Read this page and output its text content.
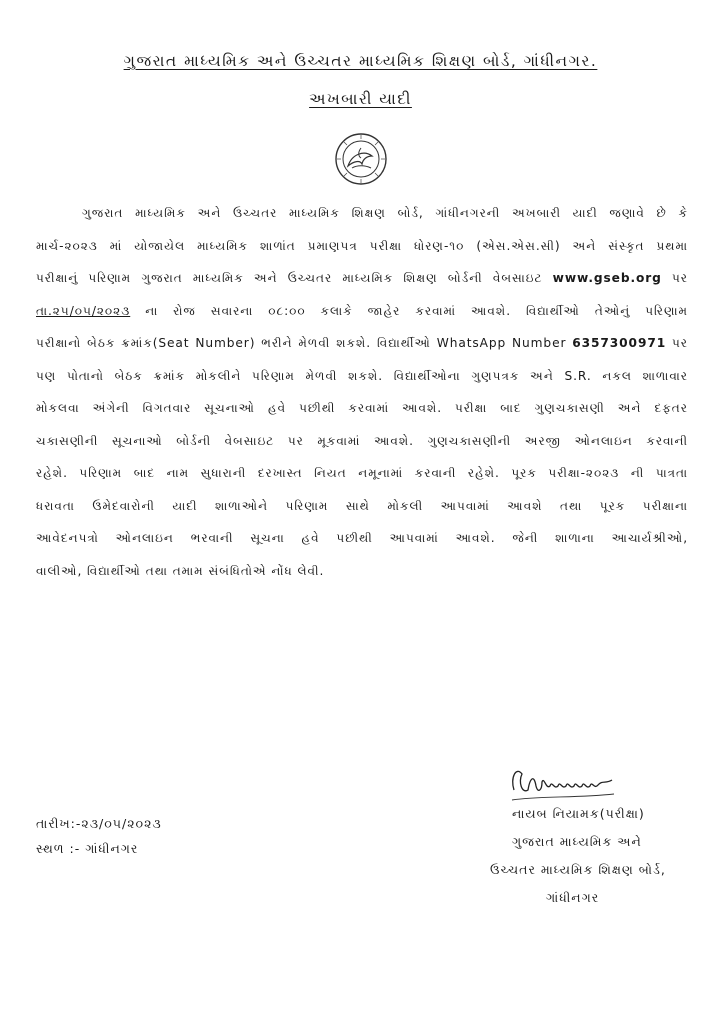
ગુજરાત માધ્યમિક અને ઉચ્ચતર માધ્યમિક શિક્ષણ બોર્ડ, ગાંધીનગર.
અખબારી યાદી
ગુજરાત માધ્યમિક અને ઉચ્ચતર માધ્યમિક શિક્ષણ બોર્ડ, ગાંધીનગરની અખબારી યાદી જણાવે છે કે
માર્ચ-૨૦૨૩ માં યોજાયેલ માધ્યમિક શાળાંત પ્રમાણપત્ર પરીક્ષા ધોરણ-૧૦ (એસ.એસ.સી) અને સંસ્કૃત પ્રથમા
પરીક્ષાનું પરિણામ ગુજરાત માધ્યમિક અને ઉચ્ચતર માધ્યમિક શિક્ષણ બોર્ડની વેબસાઇટ www.gseb.org પર
તા.૨૫/૦૫/૨૦૨૩ ના રોજ સવારના ૦૮:૦૦ કલાકે જાહેર કરવામાં આવશે. વિદ્યાર્થીઓ તેઓનું પરિણામ
પરીક્ષાનો બેઠક ક્રમાંક(Seat Number) ભરીને મેળવી શકશે. વિદ્યાર્થીઓ WhatsApp Number 6357300971 પર
પણ પોતાનો બેઠક ક્રમાંક મોકલીને પરિણામ મેળવી શકશે. વિદ્યાર્થીઓના ગુણપત્રક અને S.R. નકલ શાળાવાર
મોકલવા અંગેની વિગતવાર સૂચનાઓ હવે પછીથી કરવામાં આવશે. પરીક્ષા બાદ ગુણચકાસણી અને દફતર
ચકાસણીની સૂચનાઓ બોર્ડની વેબસાઇટ પર મૂકવામાં આવશે. ગુણચકાસણીની અરજી ઓનલાઇન કરવાની
રહેશે. પરિણામ બાદ નામ સુધારાની દરખાસ્ત નિયત નમૂનામાં કરવાની રહેશે. પૂરક પરીક્ષા-૨૦૨૩ ની પાત્રતા
ધરાવતા ઉમેદવારોની યાદી શાળાઓને પરિણામ સાથે મોકલી આપવામાં આવશે તથા પૂરક પરીક્ષાના
આવેદનપત્રો ઓનલાઇન ભરવાની સૂચના હવે પછીથી આપવામાં આવશે. જેની શાળાના આચાર્યશ્રીઓ,
વાલીઓ, વિદ્યાર્થીઓ તથા તમામ સંબંધિતોએ નોંધ લેવી.
તારીખ:-૨૩/૦૫/૨૦૨૩
સ્થળ :- ગાંધીનગર
નાયબ નિયામક(પરીક્ષા)
ગુજરાત માધ્યમિક અને
ઉચ્ચતર માધ્યમિક શિક્ષણ બોર્ડ,
ગાંધીનગર
